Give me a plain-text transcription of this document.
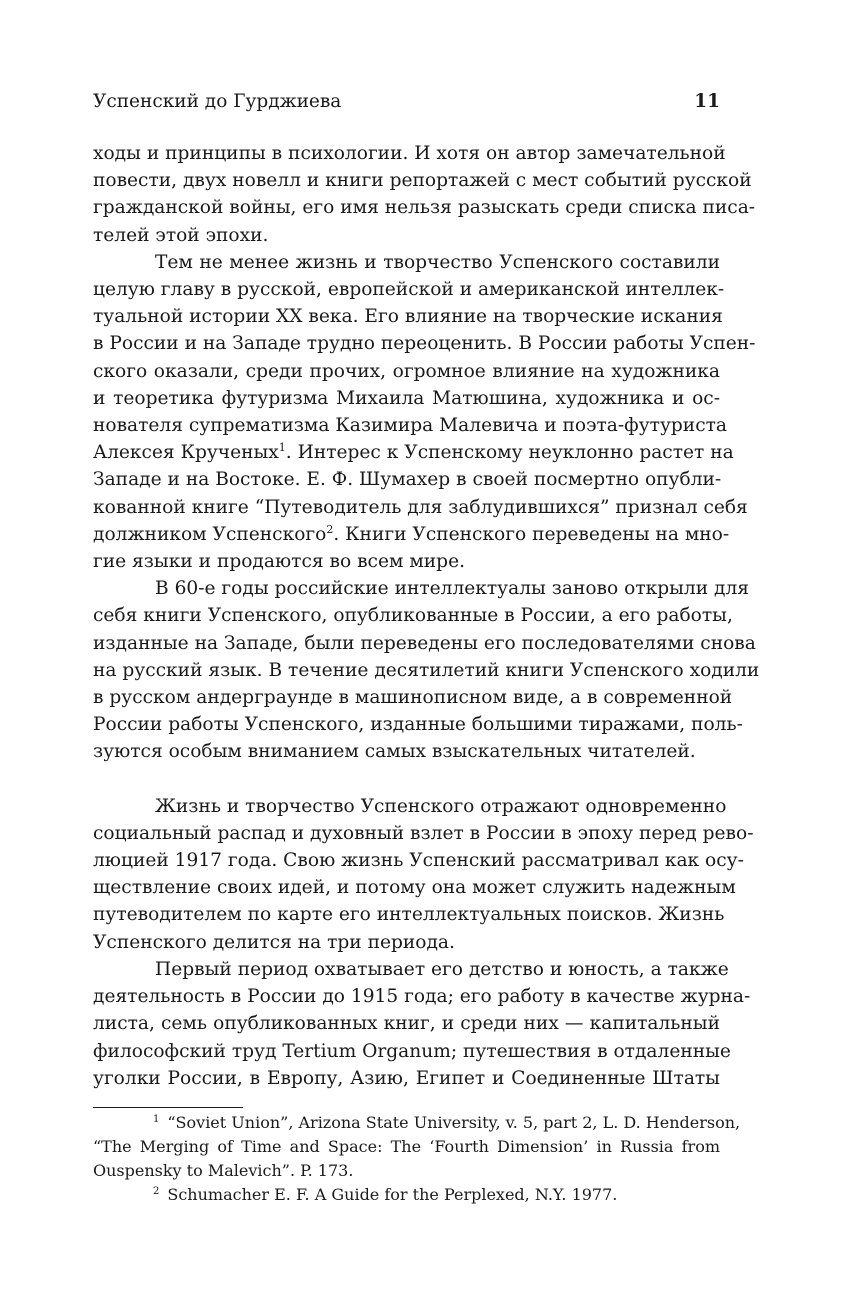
Успенский до Гурджиева	11
ходы и принципы в психологии. И хотя он автор замечательной
повести, двух новелл и книги репортажей с мест событий русской
гражданской войны, его имя нельзя разыскать среди списка писа-
телей этой эпохи.
Тем не менее жизнь и творчество Успенского составили
целую главу в русской, европейской и американской интеллек-
туальной истории XX века. Его влияние на творческие искания
в России и на Западе трудно переоценить. В России работы Успен-
ского оказали, среди прочих, огромное влияние на художника
и теоретика футуризма Михаила Матюшина, художника и ос-
нователя супрематизма Казимира Малевича и поэта-футуриста
Алексея Крученых$^1$. Интерес к Успенскому неуклонно растет на
Западе и на Востоке. Е. Ф. Шумахер в своей посмертно опубли-
кованной книге “Путеводитель для заблудившихся” признал себя
должником Успенского$^2$. Книги Успенского переведены на мно-
гие языки и продаются во всем мире.
В 60-е годы российские интеллектуалы заново открыли для
себя книги Успенского, опубликованные в России, а его работы,
изданные на Западе, были переведены его последователями снова
на русский язык. В течение десятилетий книги Успенского ходили
в русском андерграунде в машинописном виде, а в современной
России работы Успенского, изданные большими тиражами, поль-
зуются особым вниманием самых взыскательных читателей.
Жизнь и творчество Успенского отражают одновременно
социальный распад и духовный взлет в России в эпоху перед рево-
люцией 1917 года. Свою жизнь Успенский рассматривал как осу-
ществление своих идей, и потому она может служить надежным
путеводителем по карте его интеллектуальных поисков. Жизнь
Успенского делится на три периода.
Первый период охватывает его детство и юность, а также
деятельность в России до 1915 года; его работу в качестве журна-
листа, семь опубликованных книг, и среди них — капитальный
философский труд Tertium Organum; путешествия в отдаленные
уголки России, в Европу, Азию, Египет и Соединенные Штаты
$^1$ “Soviet Union”, Arizona State University, v. 5, part 2, L. D. Henderson,
“The Merging of Time and Space: The ‘Fourth Dimension’ in Russia from
Ouspensky to Malevich”. P. 173.
$^2$ Schumacher E. F. A Guide for the Perplexed, N.Y. 1977.
